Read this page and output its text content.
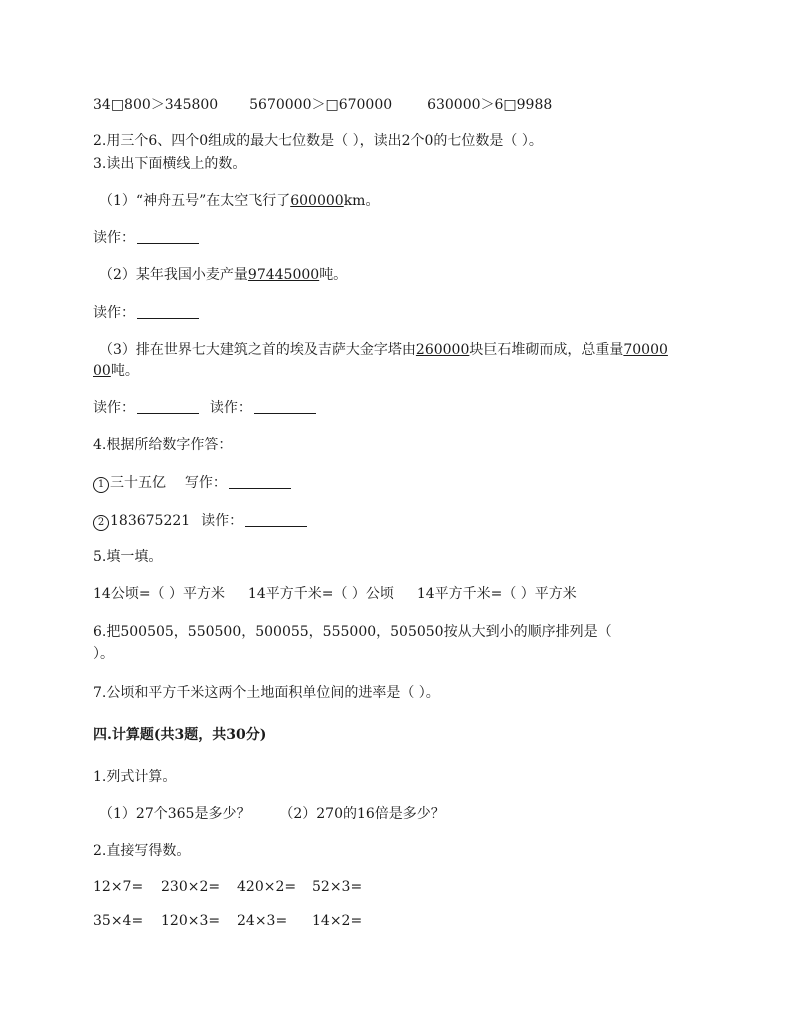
34□800＞345800 5670000＞□670000 630000＞6□9988
2.用三个6、四个0组成的最大七位数是（ ），读出2个0的七位数是（ ）。
3.读出下面横线上的数。
（1）“神舟五号”在太空飞行了600000km。
读作：
（2）某年我国小麦产量97445000吨。
读作：
（3）排在世界七大建筑之首的埃及吉萨大金字塔由260000块巨石堆砌而成，总重量70000
00吨。
读作：	读作：
4.根据所给数字作答：
1 三十五亿 写作：
2 183675221 读作：
5.填一填。
14公顷=（ ）平方米 14平方千米=（ ）公顷 14平方千米=（ ）平方米
6.把500505，550500，500055，555000，505050按从大到小的顺序排列是（
）。
7.公顷和平方千米这两个土地面积单位间的进率是（ ）。
四.计算题(共3题，共30分)
1.列式计算。
（1）27个365是多少？ （2）270的16倍是多少？
2.直接写得数。
12×7= 230×2= 420×2= 52×3=
35×4= 120×3= 24×3= 14×2=
